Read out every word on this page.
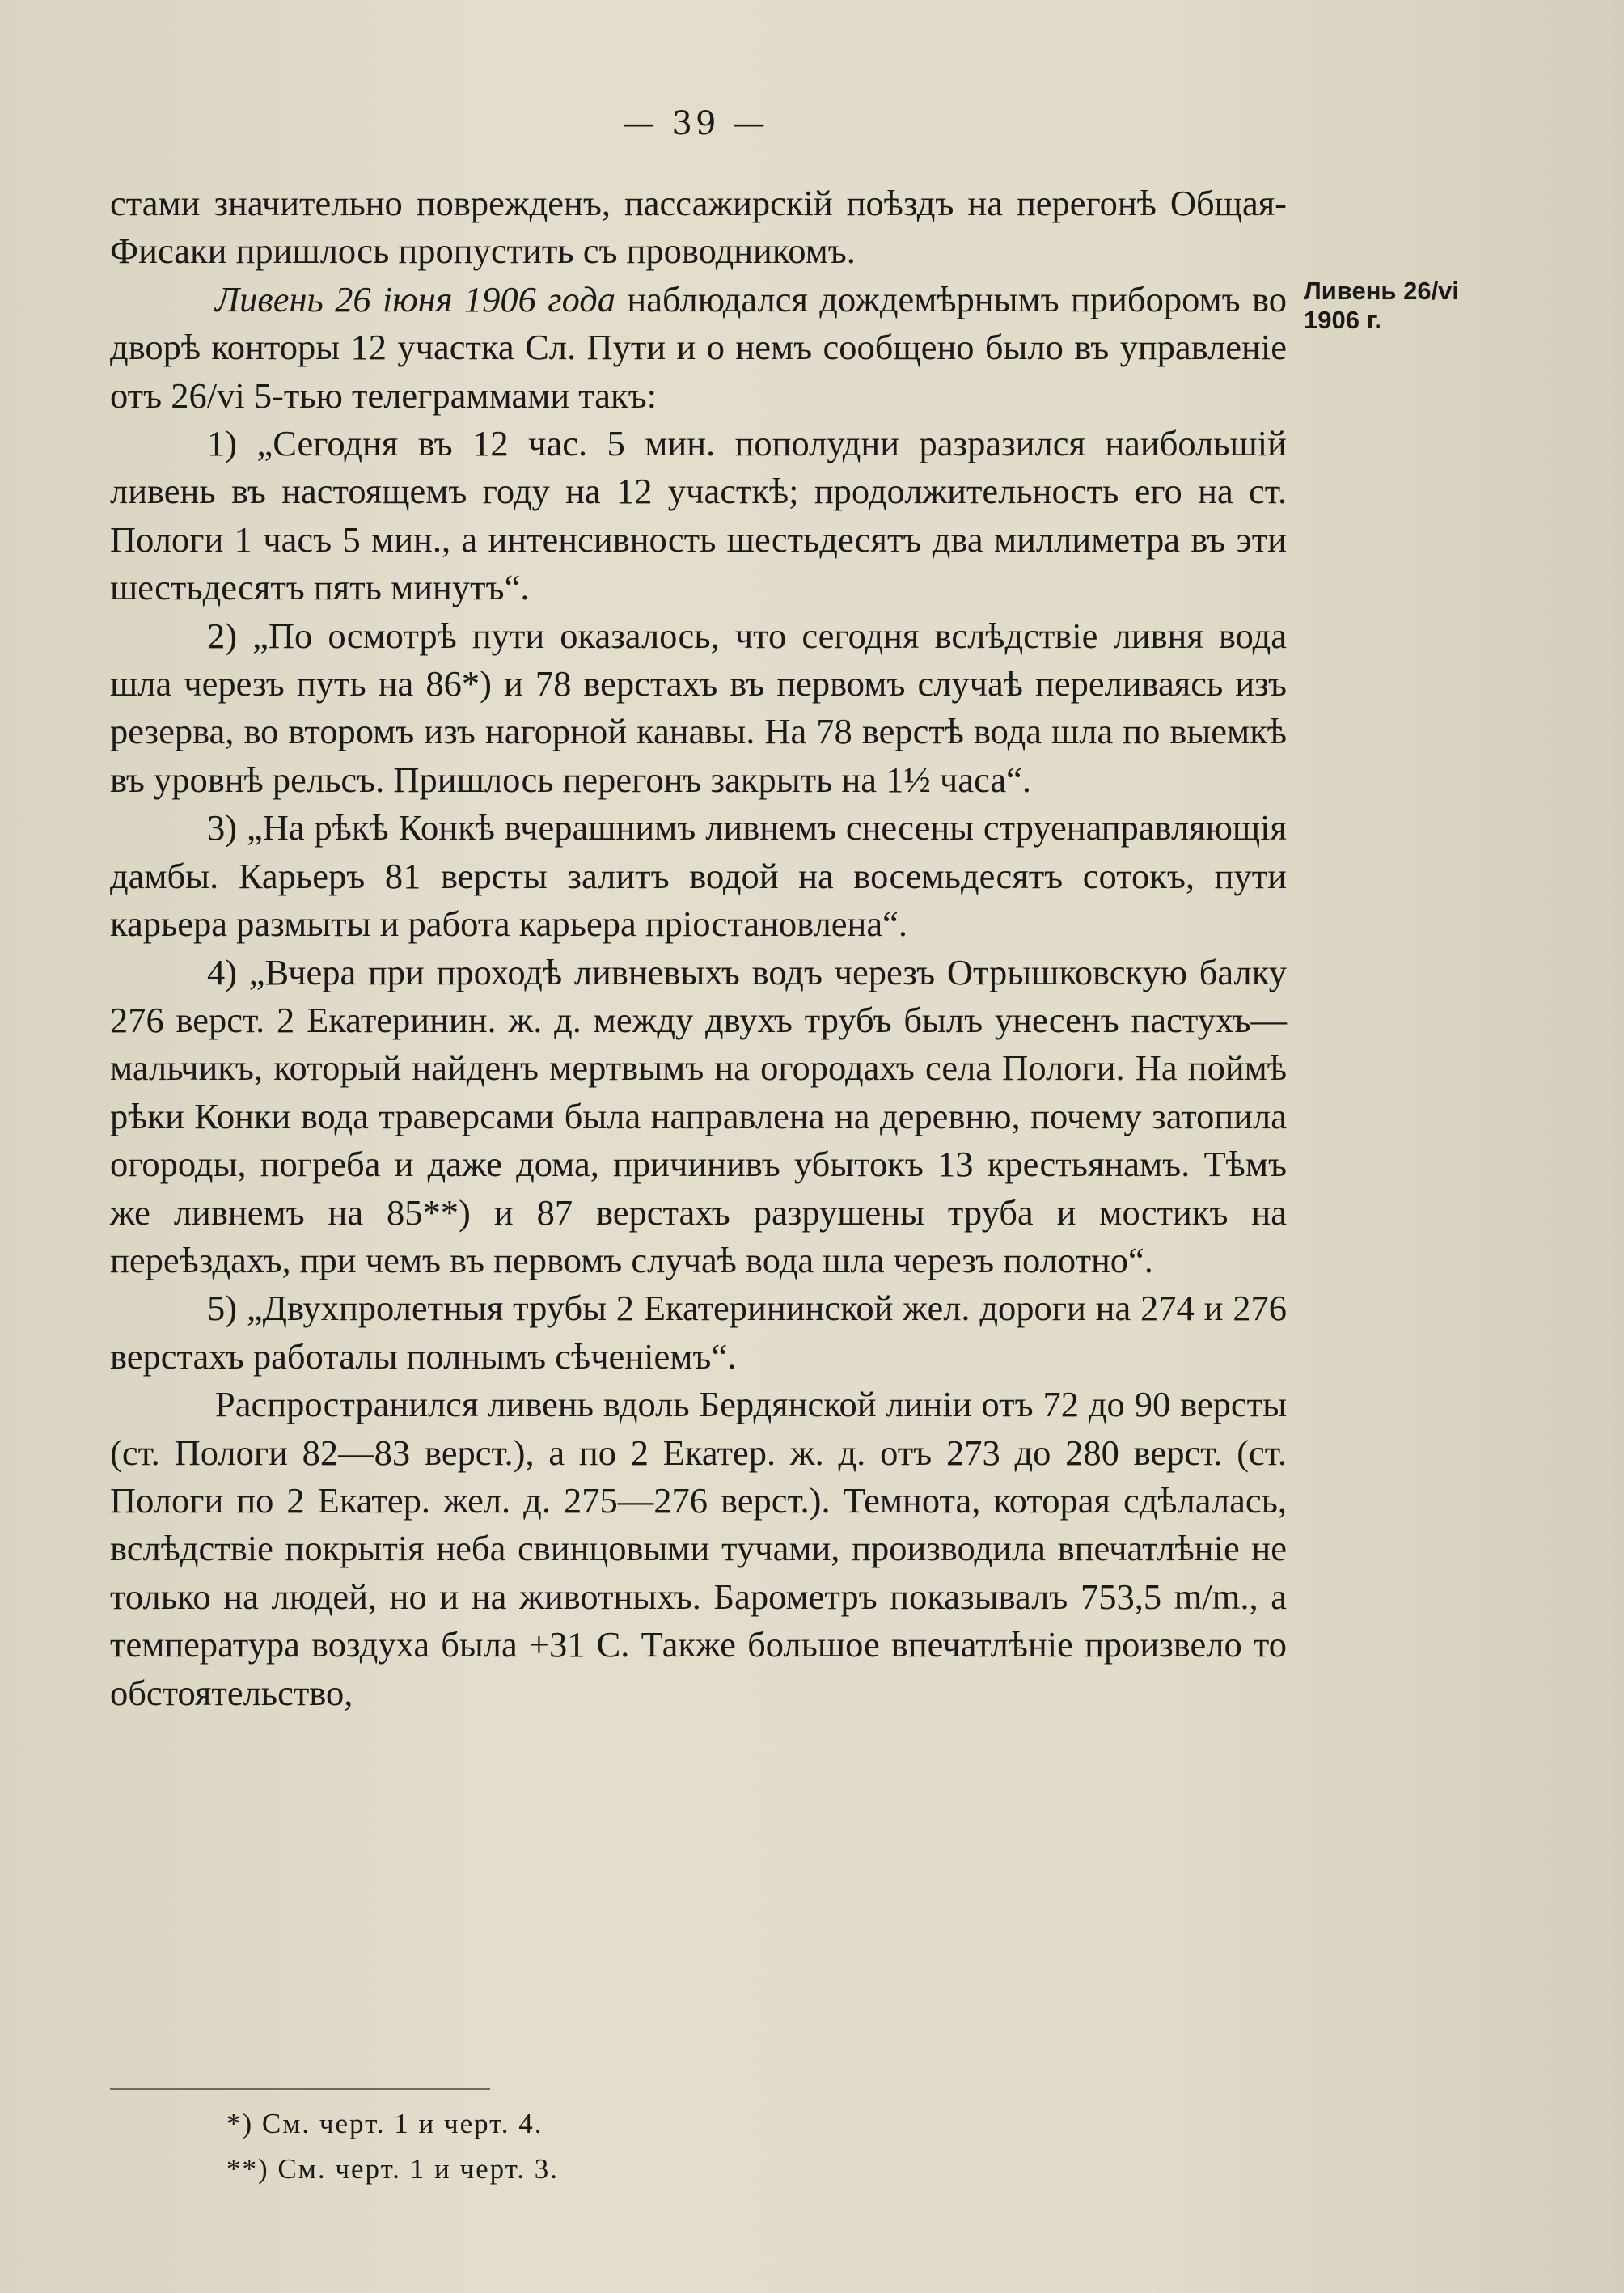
— 39 —
Ливень 26/vi
1906 г.

стами значительно поврежденъ, пассажирскій поѣздъ на перегонѣ Общая-Фисаки пришлось пропустить съ проводникомъ.

Ливень 26 іюня 1906 года наблюдался дождемѣрнымъ приборомъ во дворѣ конторы 12 участка Сл. Пути и о немъ сообщено было въ управленіе отъ 26/vi 5-тью телеграммами такъ:

1) „Сегодня въ 12 час. 5 мин. пополудни разразился наибольшій ливень въ настоящемъ году на 12 участкѣ; продолжительность его на ст. Пологи 1 часъ 5 мин., а интенсивность шестьдесятъ два миллиметра въ эти шестьдесятъ пять минутъ“.

2) „По осмотрѣ пути оказалось, что сегодня вслѣдствіе ливня вода шла черезъ путь на 86*) и 78 верстахъ въ первомъ случаѣ переливаясь изъ резерва, во второмъ изъ нагорной канавы. На 78 верстѣ вода шла по выемкѣ въ уровнѣ рельсъ. Пришлось перегонъ закрыть на 1½ часа“.

3) „На рѣкѣ Конкѣ вчерашнимъ ливнемъ снесены струенаправляющія дамбы. Карьеръ 81 версты залитъ водой на восемьдесятъ сотокъ, пути карьера размыты и работа карьера пріостановлена“.

4) „Вчера при проходѣ ливневыхъ водъ черезъ Отрышковскую балку 276 верст. 2 Екатеринин. ж. д. между двухъ трубъ былъ унесенъ пастухъ—мальчикъ, который найденъ мертвымъ на огородахъ села Пологи. На поймѣ рѣки Конки вода траверсами была направлена на деревню, почему затопила огороды, погреба и даже дома, причинивъ убытокъ 13 крестьянамъ. Тѣмъ же ливнемъ на 85**) и 87 верстахъ разрушены труба и мостикъ на переѣздахъ, при чемъ въ первомъ случаѣ вода шла черезъ полотно“.

5) „Двухпролетныя трубы 2 Екатерининской жел. дороги на 274 и 276 верстахъ работалы полнымъ сѣченіемъ“.

Распространился ливень вдоль Бердянской линіи отъ 72 до 90 версты (ст. Пологи 82—83 верст.), а по 2 Екатер. ж. д. отъ 273 до 280 верст. (ст. Пологи по 2 Екатер. жел. д. 275—276 верст.). Темнота, которая сдѣлалась, вслѣдствіе покрытія неба свинцовыми тучами, производила впечатлѣніе не только на людей, но и на животныхъ. Барометръ показывалъ 753,5 m/m., а температура воздуха была +31 С. Также большое впечатлѣніе произвело то обстоятельство,

*) См. черт. 1 и черт. 4.

**) См. черт. 1 и черт. 3.
